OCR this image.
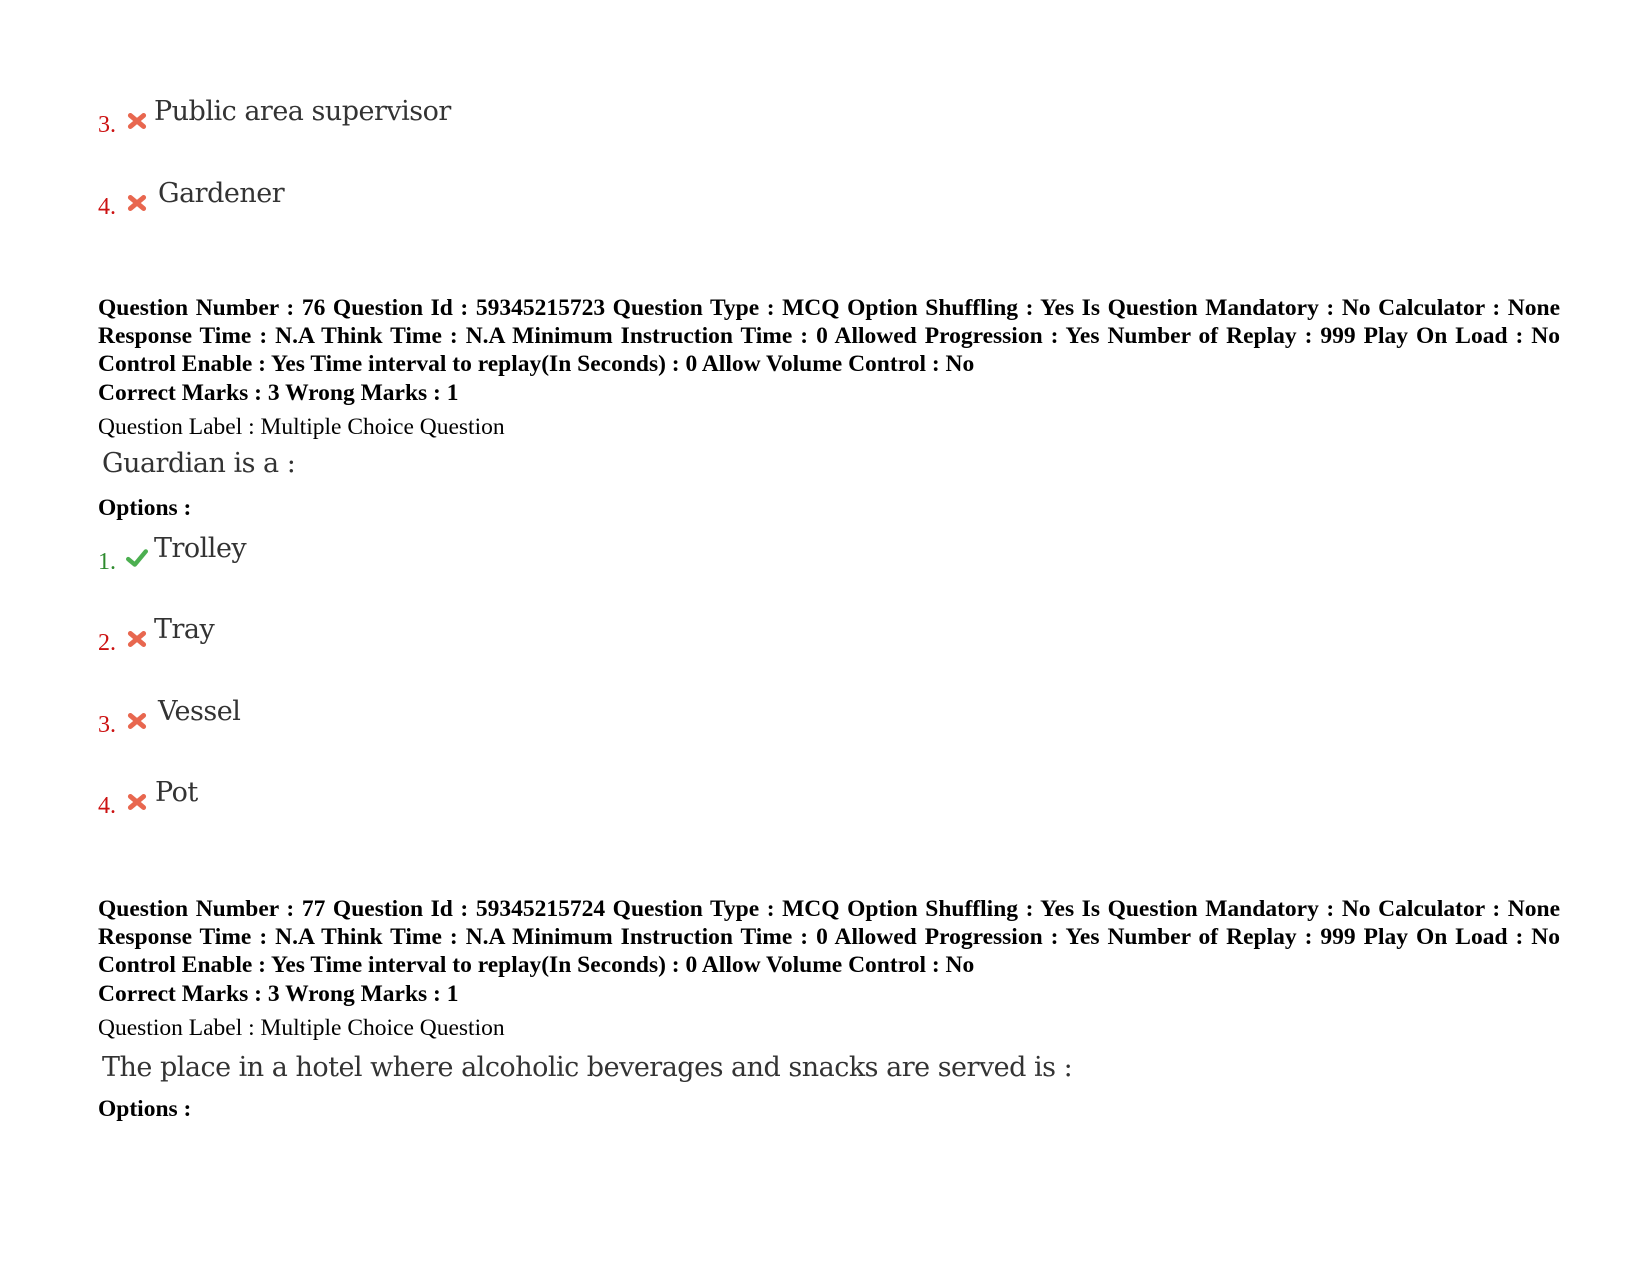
3. Public area supervisor
4. Gardener
Question Number : 76 Question Id : 59345215723 Question Type : MCQ Option Shuffling : Yes Is Question Mandatory : No Calculator : None Response Time : N.A Think Time : N.A Minimum Instruction Time : 0 Allowed Progression : Yes Number of Replay : 999 Play On Load : No Control Enable : Yes Time interval to replay(In Seconds) : 0 Allow Volume Control : No
Correct Marks : 3 Wrong Marks : 1
Question Label : Multiple Choice Question
Guardian is a :
Options :
1. Trolley
2. Tray
3. Vessel
4. Pot
Question Number : 77 Question Id : 59345215724 Question Type : MCQ Option Shuffling : Yes Is Question Mandatory : No Calculator : None Response Time : N.A Think Time : N.A Minimum Instruction Time : 0 Allowed Progression : Yes Number of Replay : 999 Play On Load : No Control Enable : Yes Time interval to replay(In Seconds) : 0 Allow Volume Control : No
Correct Marks : 3 Wrong Marks : 1
Question Label : Multiple Choice Question
The place in a hotel where alcoholic beverages and snacks are served is :
Options :
